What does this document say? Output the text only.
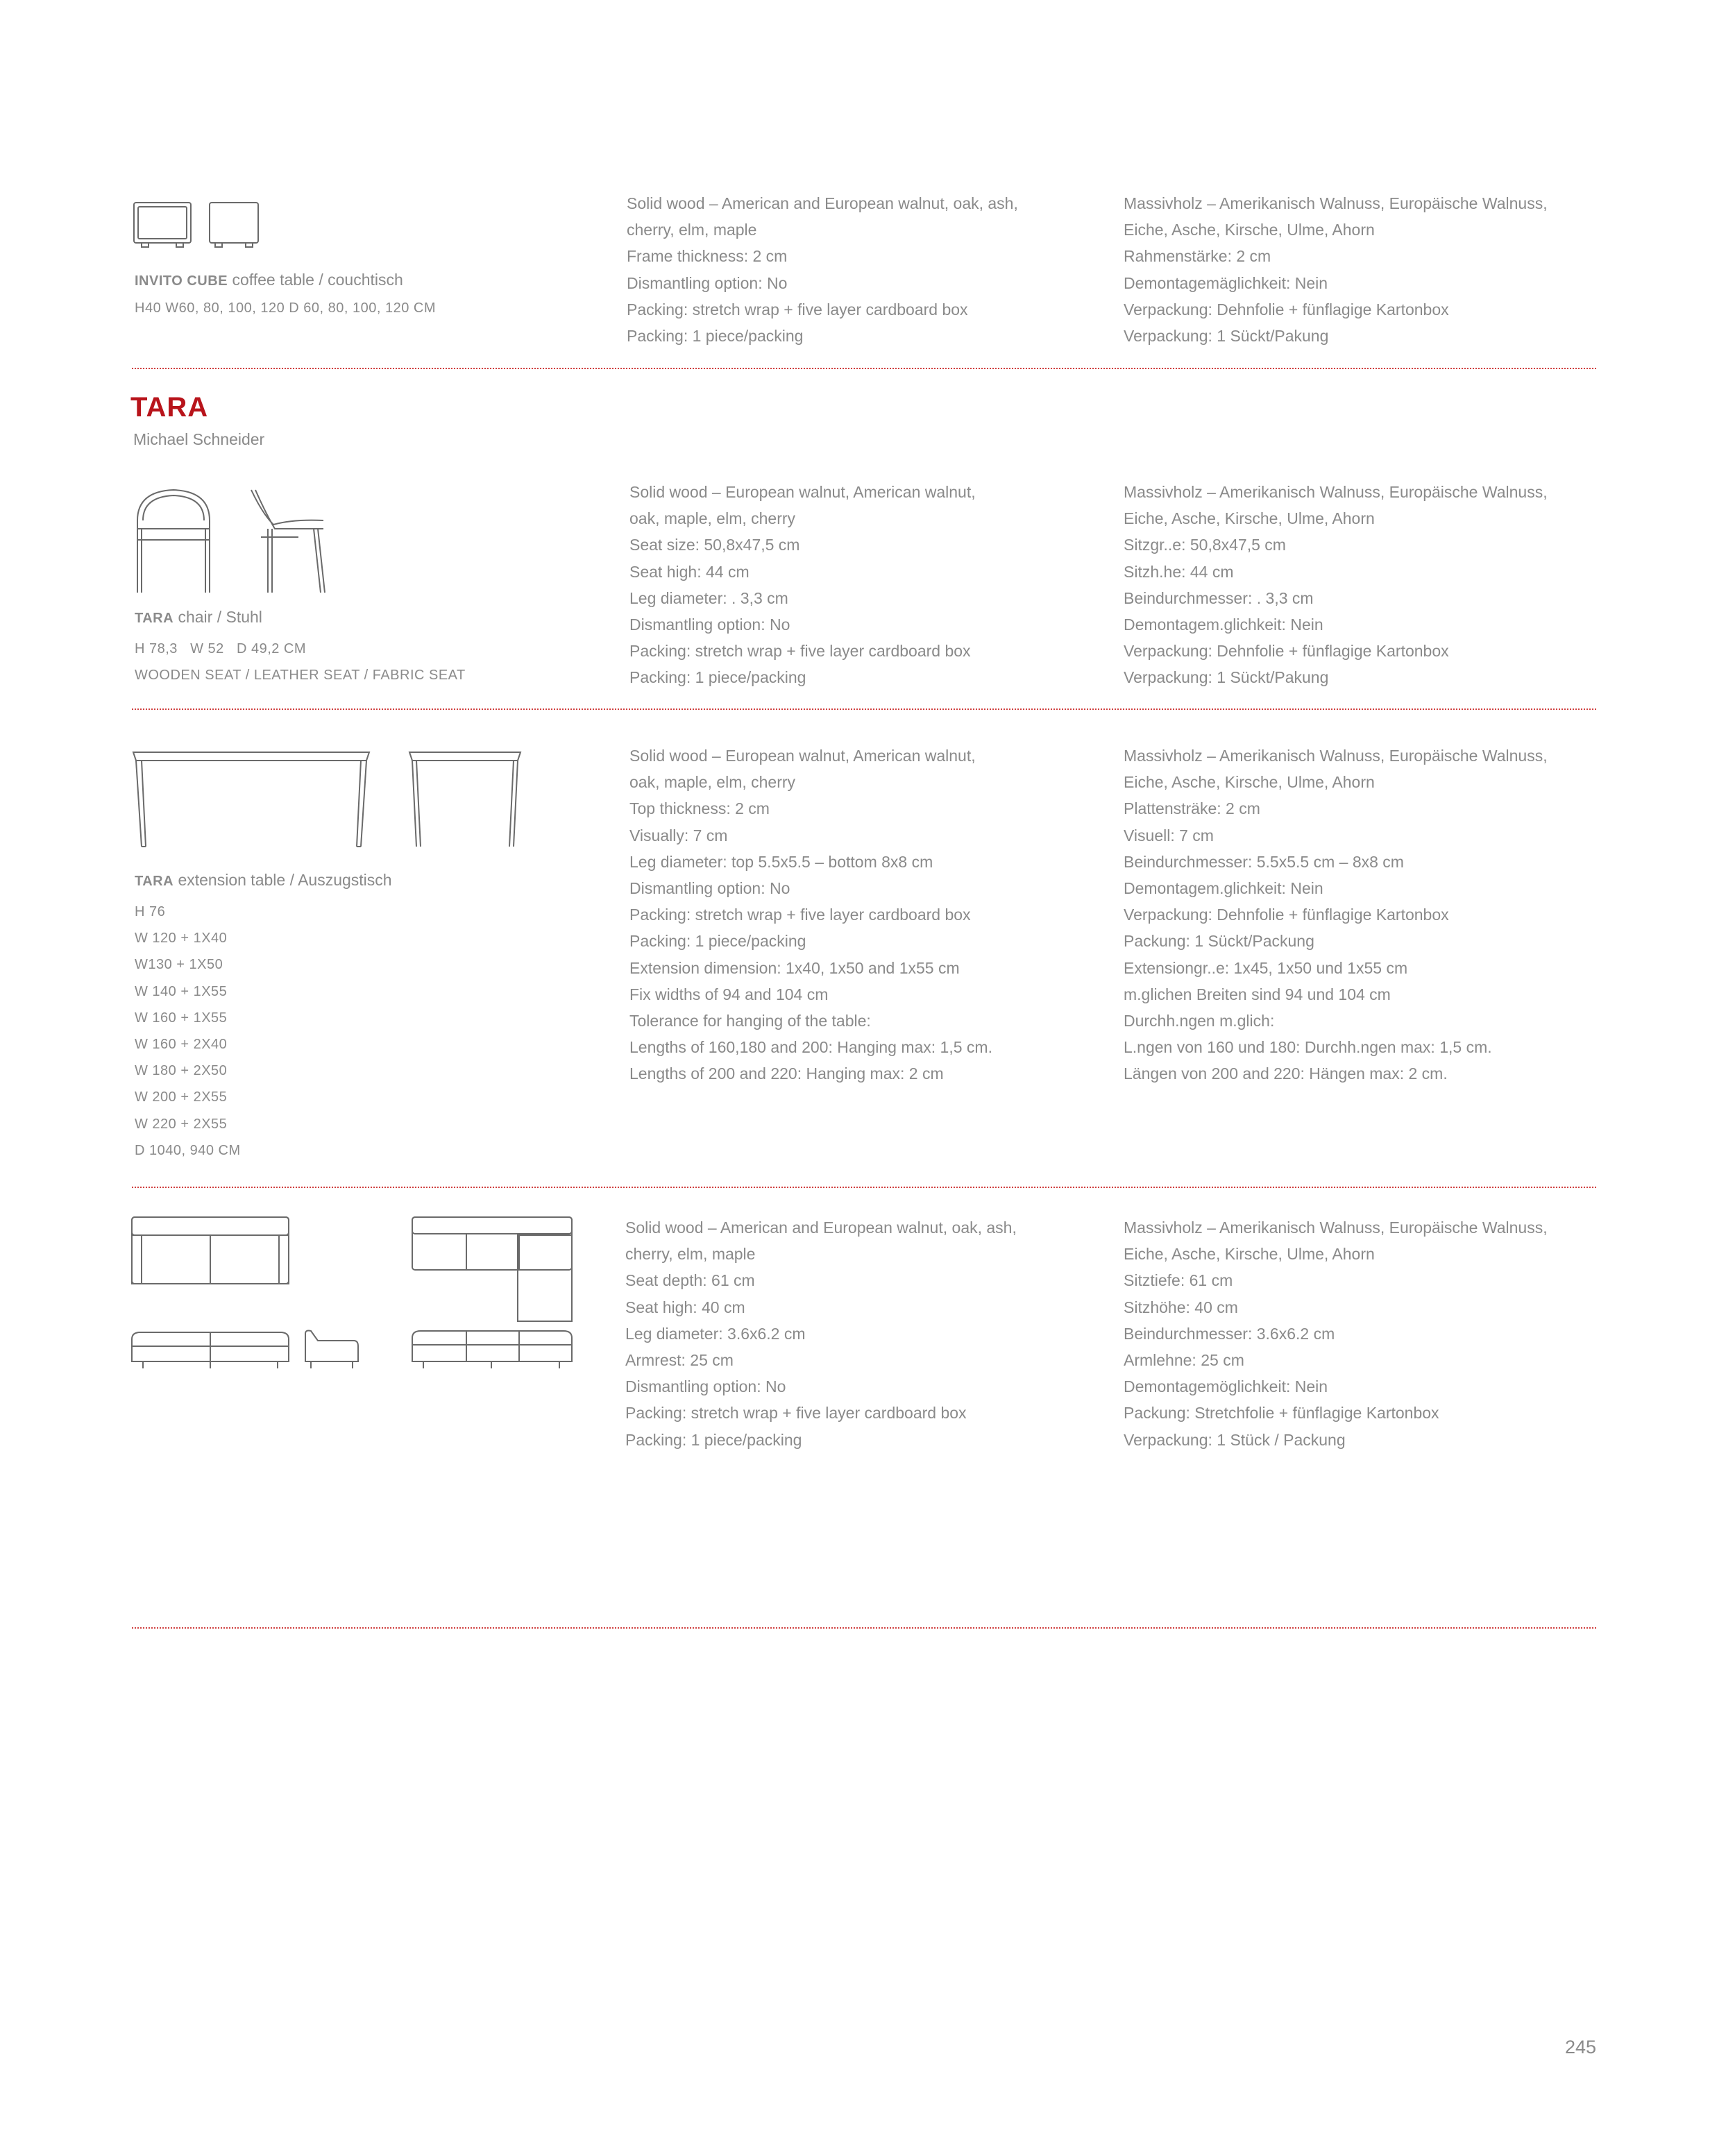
INVITO CUBE coffee table / couchtisch
H40 W60, 80, 100, 120 D 60, 80, 100, 120 CM
Solid wood – American and European walnut, oak, ash,
cherry, elm, maple
Frame thickness: 2 cm
Dismantling option: No
Packing: stretch wrap + five layer cardboard box
Packing: 1 piece/packing
Massivholz – Amerikanisch Walnuss, Europäische Walnuss,
Eiche, Asche, Kirsche, Ulme, Ahorn
Rahmenstärke: 2 cm
Demontagemäglichkeit: Nein
Verpackung: Dehnfolie + fünflagige Kartonbox
Verpackung: 1 Sückt/Pakung
TARA
Michael Schneider
TARA chair / Stuhl
H 78,3   W 52   D 49,2 CM
WOODEN SEAT / LEATHER SEAT / FABRIC SEAT
Solid wood – European walnut, American walnut,
oak, maple, elm, cherry
Seat size: 50,8x47,5 cm
Seat high: 44 cm
Leg diameter: . 3,3 cm
Dismantling option: No
Packing: stretch wrap + five layer cardboard box
Packing: 1 piece/packing
Massivholz – Amerikanisch Walnuss, Europäische Walnuss,
Eiche, Asche, Kirsche, Ulme, Ahorn
Sitzgr..e: 50,8x47,5 cm
Sitzh.he: 44 cm
Beindurchmesser: . 3,3 cm
Demontagem.glichkeit: Nein
Verpackung: Dehnfolie + fünflagige Kartonbox
Verpackung: 1 Sückt/Pakung
TARA extension table / Auszugstisch
H 76
W 120 + 1X40
W130 + 1X50
W 140 + 1X55
W 160 + 1X55
W 160 + 2X40
W 180 + 2X50
W 200 + 2X55
W 220 + 2X55
D 1040, 940 CM
Solid wood – European walnut, American walnut,
oak, maple, elm, cherry
Top thickness: 2 cm
Visually: 7 cm
Leg diameter: top 5.5x5.5 – bottom 8x8 cm
Dismantling option: No
Packing: stretch wrap + five layer cardboard box
Packing: 1 piece/packing
Extension dimension: 1x40, 1x50 and 1x55 cm
Fix widths of 94 and 104 cm
Tolerance for hanging of the table:
Lengths of 160,180 and 200: Hanging max: 1,5 cm.
Lengths of 200 and 220: Hanging max: 2 cm
Massivholz – Amerikanisch Walnuss, Europäische Walnuss,
Eiche, Asche, Kirsche, Ulme, Ahorn
Plattensträke: 2 cm
Visuell: 7 cm
Beindurchmesser: 5.5x5.5 cm – 8x8 cm
Demontagem.glichkeit: Nein
Verpackung: Dehnfolie + fünflagige Kartonbox
Packung: 1 Sückt/Packung
Extensiongr..e: 1x45, 1x50 und 1x55 cm
m.glichen Breiten sind 94 und 104 cm
Durchh.ngen m.glich:
L.ngen von 160 und 180: Durchh.ngen max: 1,5 cm.
Längen von 200 and 220: Hängen max: 2 cm.
Solid wood – American and European walnut, oak, ash,
cherry, elm, maple
Seat depth: 61 cm
Seat high: 40 cm
Leg diameter: 3.6x6.2 cm
Armrest: 25 cm
Dismantling option: No
Packing: stretch wrap + five layer cardboard box
Packing: 1 piece/packing
Massivholz – Amerikanisch Walnuss, Europäische Walnuss,
Eiche, Asche, Kirsche, Ulme, Ahorn
Sitztiefe: 61 cm
Sitzhöhe: 40 cm
Beindurchmesser: 3.6x6.2 cm
Armlehne: 25 cm
Demontagemöglichkeit: Nein
Packung: Stretchfolie + fünflagige Kartonbox
Verpackung: 1 Stück / Packung
245
